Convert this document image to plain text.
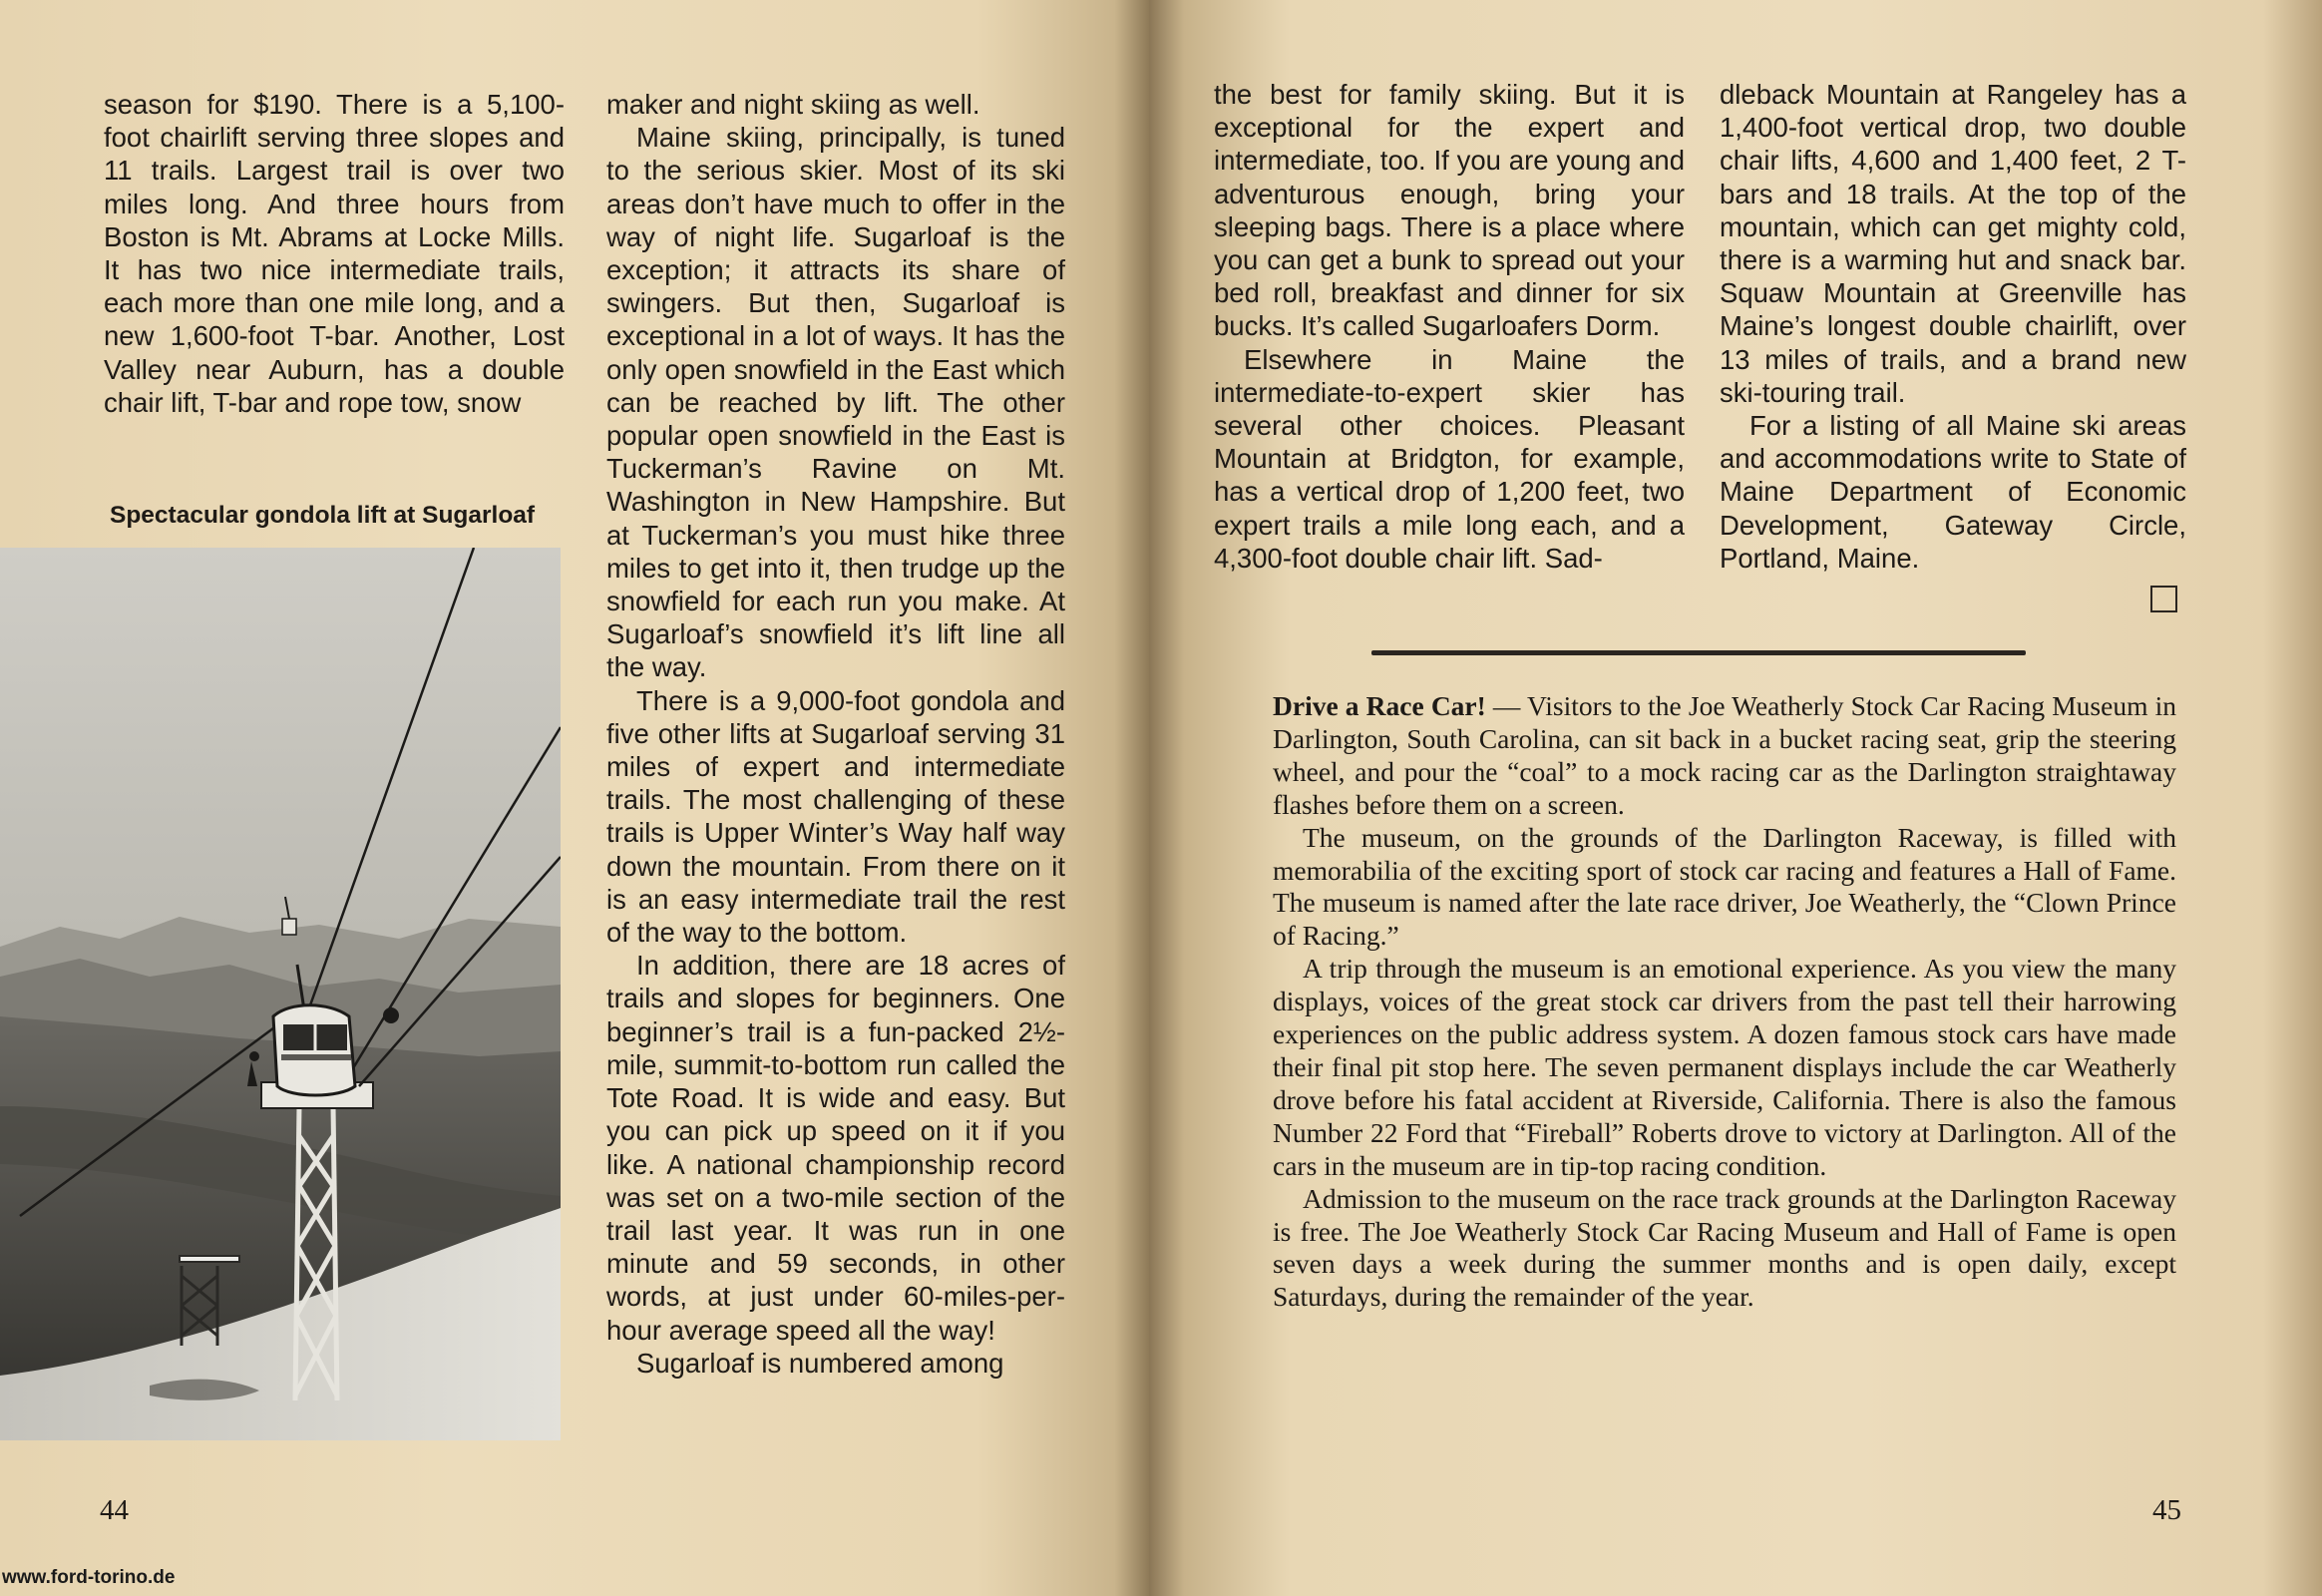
season for $190. There is a 5,100-foot chairlift serving three slopes and 11 trails. Largest trail is over two miles long. And three hours from Boston is Mt. Abrams at Locke Mills. It has two nice intermediate trails, each more than one mile long, and a new 1,600-foot T-bar. Another, Lost Valley near Auburn, has a double chair lift, T-bar and rope tow, snow

Spectacular gondola lift at Sugarloaf

maker and night skiing as well.

Maine skiing, principally, is tuned to the serious skier. Most of its ski areas don’t have much to offer in the way of night life. Sugarloaf is the exception; it attracts its share of swingers. But then, Sugarloaf is exceptional in a lot of ways. It has the only open snowfield in the East which can be reached by lift. The other popular open snowfield in the East is Tuckerman’s Ravine on Mt. Washington in New Hampshire. But at Tuckerman’s you must hike three miles to get into it, then trudge up the snowfield for each run you make. At Sugarloaf’s snowfield it’s lift line all the way.

There is a 9,000-foot gondola and five other lifts at Sugarloaf serving 31 miles of expert and intermediate trails. The most challenging of these trails is Upper Winter’s Way half way down the mountain. From there on it is an easy intermediate trail the rest of the way to the bottom.

In addition, there are 18 acres of trails and slopes for beginners. One beginner’s trail is a fun-packed 2½-mile, summit-to-bottom run called the Tote Road. It is wide and easy. But you can pick up speed on it if you like. A national championship record was set on a two-mile section of the trail last year. It was run in one minute and 59 seconds, in other words, at just under 60-miles-per-hour average speed all the way!

Sugarloaf is numbered among

44
www.ford-torino.de

the best for family skiing. But it is exceptional for the expert and intermediate, too. If you are young and adventurous enough, bring your sleeping bags. There is a place where you can get a bunk to spread out your bed roll, breakfast and dinner for six bucks. It’s called Sugarloafers Dorm.

Elsewhere in Maine the intermediate-to-expert skier has several other choices. Pleasant Mountain at Bridgton, for example, has a vertical drop of 1,200 feet, two expert trails a mile long each, and a 4,300-foot double chair lift. Sad-

dleback Mountain at Rangeley has a 1,400-foot vertical drop, two double chair lifts, 4,600 and 1,400 feet, 2 T-bars and 18 trails. At the top of the mountain, which can get mighty cold, there is a warming hut and snack bar. Squaw Mountain at Greenville has Maine’s longest double chairlift, over 13 miles of trails, and a brand new ski-touring trail.

For a listing of all Maine ski areas and accommodations write to State of Maine Department of Economic Development, Gateway Circle, Portland, Maine.

Drive a Race Car! — Visitors to the Joe Weatherly Stock Car Racing Museum in Darlington, South Carolina, can sit back in a bucket racing seat, grip the steering wheel, and pour the “coal” to a mock racing car as the Darlington straightaway flashes before them on a screen.

The museum, on the grounds of the Darlington Raceway, is filled with memorabilia of the exciting sport of stock car racing and features a Hall of Fame. The museum is named after the late race driver, Joe Weatherly, the “Clown Prince of Racing.”

A trip through the museum is an emotional experience. As you view the many displays, voices of the great stock car drivers from the past tell their harrowing experiences on the public address system. A dozen famous stock cars have made their final pit stop here. The seven permanent displays include the car Weatherly drove before his fatal accident at Riverside, California. There is also the famous Number 22 Ford that “Fireball” Roberts drove to victory at Darlington. All of the cars in the museum are in tip-top racing condition.

Admission to the museum on the race track grounds at the Darlington Raceway is free. The Joe Weatherly Stock Car Racing Museum and Hall of Fame is open seven days a week during the summer months and is open daily, except Saturdays, during the remainder of the year.

45
